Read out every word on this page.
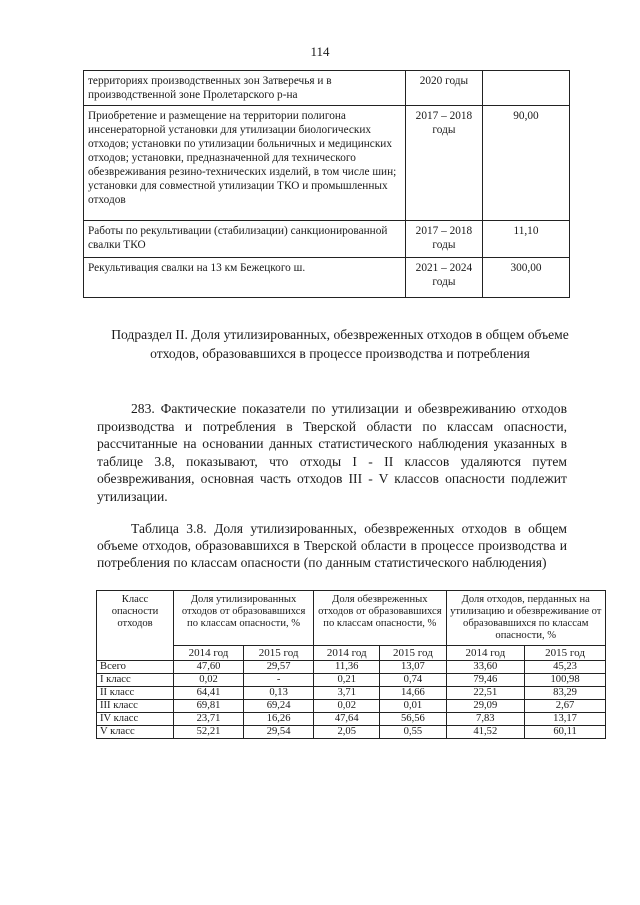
114
территориях производственных зон Затверечья и в производственной зоне Пролетарского р-на	2020 годы	
Приобретение и размещение на территории полигона инсенераторной установки для утилизации биологических отходов; установки по утилизации больничных и медицинских отходов; установки, предназначенной для технического обезвреживания резино-технических изделий, в том числе шин; установки для совместной утилизации ТКО и промышленных отходов	2017 – 2018 годы	90,00
Работы по рекультивации (стабилизации) санкционированной свалки ТКО	2017 – 2018 годы	11,10
Рекультивация свалки на 13 км Бежецкого ш.	2021 – 2024 годы	300,00
Подраздел II. Доля утилизированных, обезвреженных отходов в общем объеме отходов, образовавшихся в процессе производства и потребления
283. Фактические показатели по утилизации и обезвреживанию отходов производства и потребления в Тверской области по классам опасности, рассчитанные на основании данных статистического наблюдения указанных в таблице 3.8, показывают, что отходы I - II классов удаляются путем обезвреживания, основная часть отходов III - V классов опасности подлежит утилизации.
Таблица 3.8. Доля утилизированных, обезвреженных отходов в общем объеме отходов, образовавшихся в Тверской области в процессе производства и потребления по классам опасности (по данным статистического наблюдения)
Класс опасности отходов	Доля утилизированных отходов от образовавшихся по классам опасности, %		Доля обезвреженных отходов от образовавшихся по классам опасности, %		Доля отходов, перданных на утилизацию и обезвреживание от образовавшихся по классам опасности, %	
	2014 год	2015 год	2014 год	2015 год	2014 год	2015 год
Всего	47,60	29,57	11,36	13,07	33,60	45,23
I класс	0,02	-	0,21	0,74	79,46	100,98
II класс	64,41	0,13	3,71	14,66	22,51	83,29
III класс	69,81	69,24	0,02	0,01	29,09	2,67
IV класс	23,71	16,26	47,64	56,56	7,83	13,17
V класс	52,21	29,54	2,05	0,55	41,52	60,11
